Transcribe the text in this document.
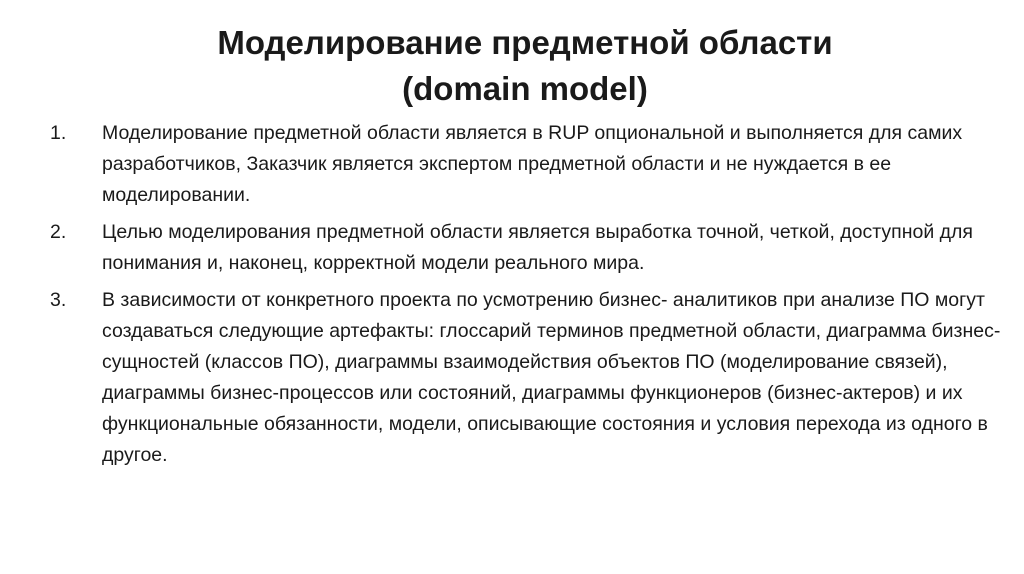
Моделирование предметной области
(domain model)
1. Моделирование предметной области является в RUP опциональной и выполняется для самих разработчиков, Заказчик является экспертом предметной области и не нуждается в ее моделировании.
2. Целью моделирования предметной области является выработка точной, четкой, доступной для понимания и, наконец, корректной модели реального мира.
3. В зависимости от конкретного проекта по усмотрению бизнес- аналитиков при анализе ПО могут создаваться следующие артефакты: глоссарий терминов предметной области, диаграмма бизнес-сущностей (классов ПО), диаграммы взаимодействия объектов ПО (моделирование связей), диаграммы бизнес-процессов или состояний, диаграммы функционеров (бизнес-актеров) и их функциональные обязанности, модели, описывающие состояния и условия перехода из одного в другое.
